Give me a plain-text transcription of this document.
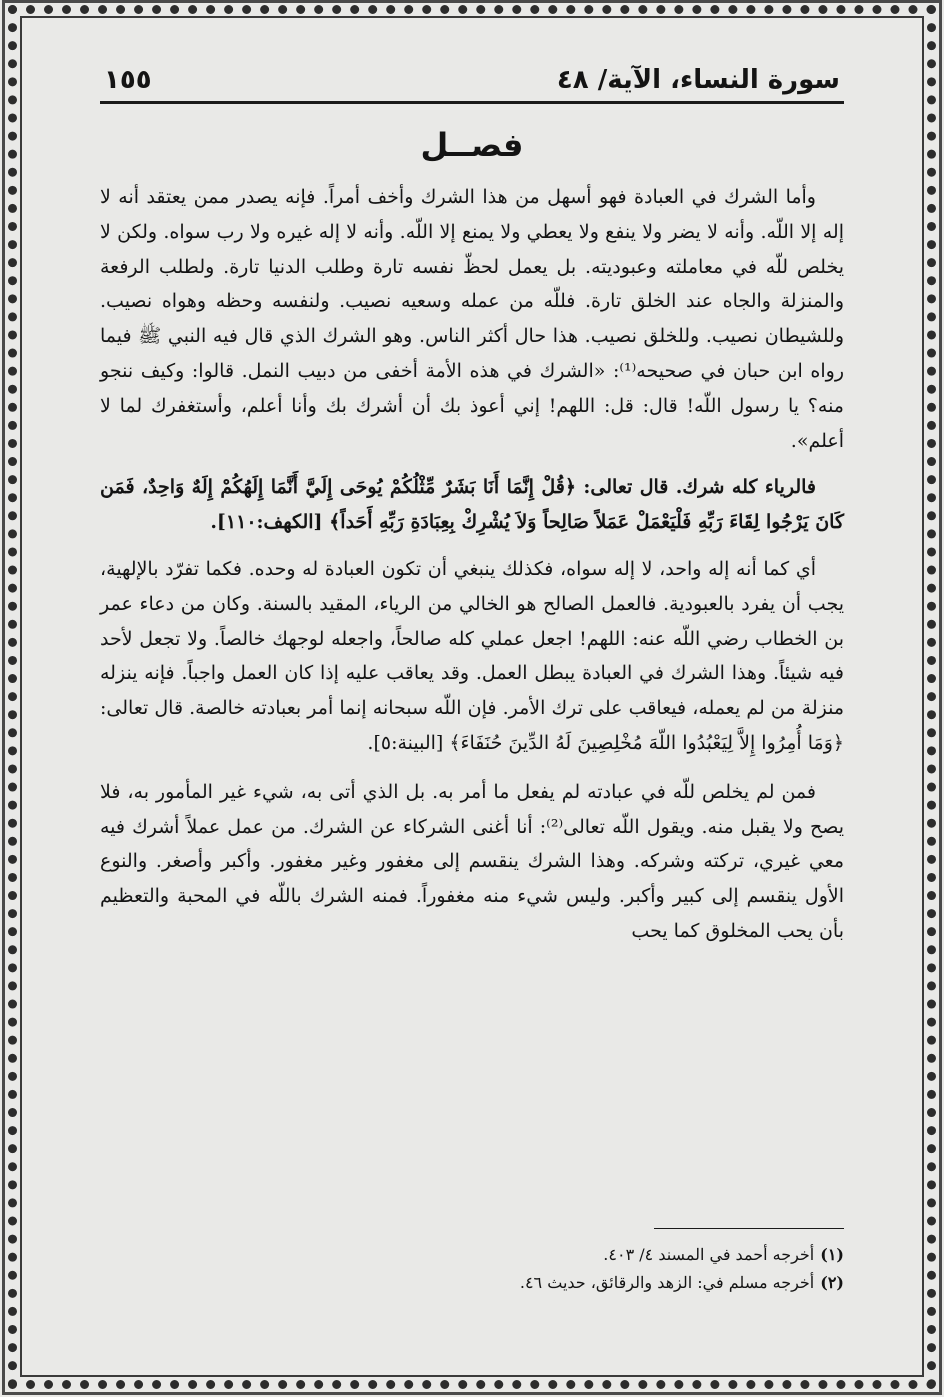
سورة النساء، الآية/ ٤٨
١٥٥
فصــل

وأما الشرك في العبادة فهو أسهل من هذا الشرك وأخف أمراً. فإنه يصدر ممن يعتقد أنه لا إله إلا اللّه. وأنه لا يضر ولا ينفع ولا يعطي ولا يمنع إلا اللّه. وأنه لا إله غيره ولا رب سواه. ولكن لا يخلص للّه في معاملته وعبوديته. بل يعمل لحظّ نفسه تارة وطلب الدنيا تارة. ولطلب الرفعة والمنزلة والجاه عند الخلق تارة. فللّه من عمله وسعيه نصيب. ولنفسه وحظه وهواه نصيب. وللشيطان نصيب. وللخلق نصيب. هذا حال أكثر الناس. وهو الشرك الذي قال فيه النبي ﷺ فيما رواه ابن حبان في صحيحه⁽¹⁾: «الشرك في هذه الأمة أخفى من دبيب النمل. قالوا: وكيف ننجو منه؟ يا رسول اللّه! قال: قل: اللهم! إني أعوذ بك أن أشرك بك وأنا أعلم، وأستغفرك لما لا أعلم».

فالرياء كله شرك. قال تعالى: ﴿قُلْ إِنَّمَا أَنَا بَشَرٌ مِّثْلُكُمْ يُوحَى إِلَيَّ أَنَّمَا إِلَهُكُمْ إِلَهٌ وَاحِدٌ، فَمَن كَانَ يَرْجُوا لِقَاءَ رَبِّهِ فَلْيَعْمَلْ عَمَلاً صَالِحاً وَلاَ يُشْرِكْ بِعِبَادَةِ رَبِّهِ أَحَداً﴾ [الكهف:١١٠].

أي كما أنه إله واحد، لا إله سواه، فكذلك ينبغي أن تكون العبادة له وحده. فكما تفرّد بالإلهية، يجب أن يفرد بالعبودية. فالعمل الصالح هو الخالي من الرياء، المقيد بالسنة. وكان من دعاء عمر بن الخطاب رضي اللّه عنه: اللهم! اجعل عملي كله صالحاً، واجعله لوجهك خالصاً. ولا تجعل لأحد فيه شيئاً. وهذا الشرك في العبادة يبطل العمل. وقد يعاقب عليه إذا كان العمل واجباً. فإنه ينزله منزلة من لم يعمله، فيعاقب على ترك الأمر. فإن اللّه سبحانه إنما أمر بعبادته خالصة. قال تعالى: ﴿وَمَا أُمِرُوا إِلاَّ لِيَعْبُدُوا اللّهَ مُخْلِصِينَ لَهُ الدِّينَ حُنَفَاءَ﴾ [البينة:٥].

فمن لم يخلص للّه في عبادته لم يفعل ما أمر به. بل الذي أتى به، شيء غير المأمور به، فلا يصح ولا يقبل منه. ويقول اللّه تعالى⁽²⁾: أنا أغنى الشركاء عن الشرك. من عمل عملاً أشرك فيه معي غيري، تركته وشركه. وهذا الشرك ينقسم إلى مغفور وغير مغفور. وأكبر وأصغر. والنوع الأول ينقسم إلى كبير وأكبر. وليس شيء منه مغفوراً. فمنه الشرك باللّه في المحبة والتعظيم بأن يحب المخلوق كما يحب

(١)أخرجه أحمد في المسند ٤/ ٤٠٣.

(٢)أخرجه مسلم في: الزهد والرقائق، حديث ٤٦.
